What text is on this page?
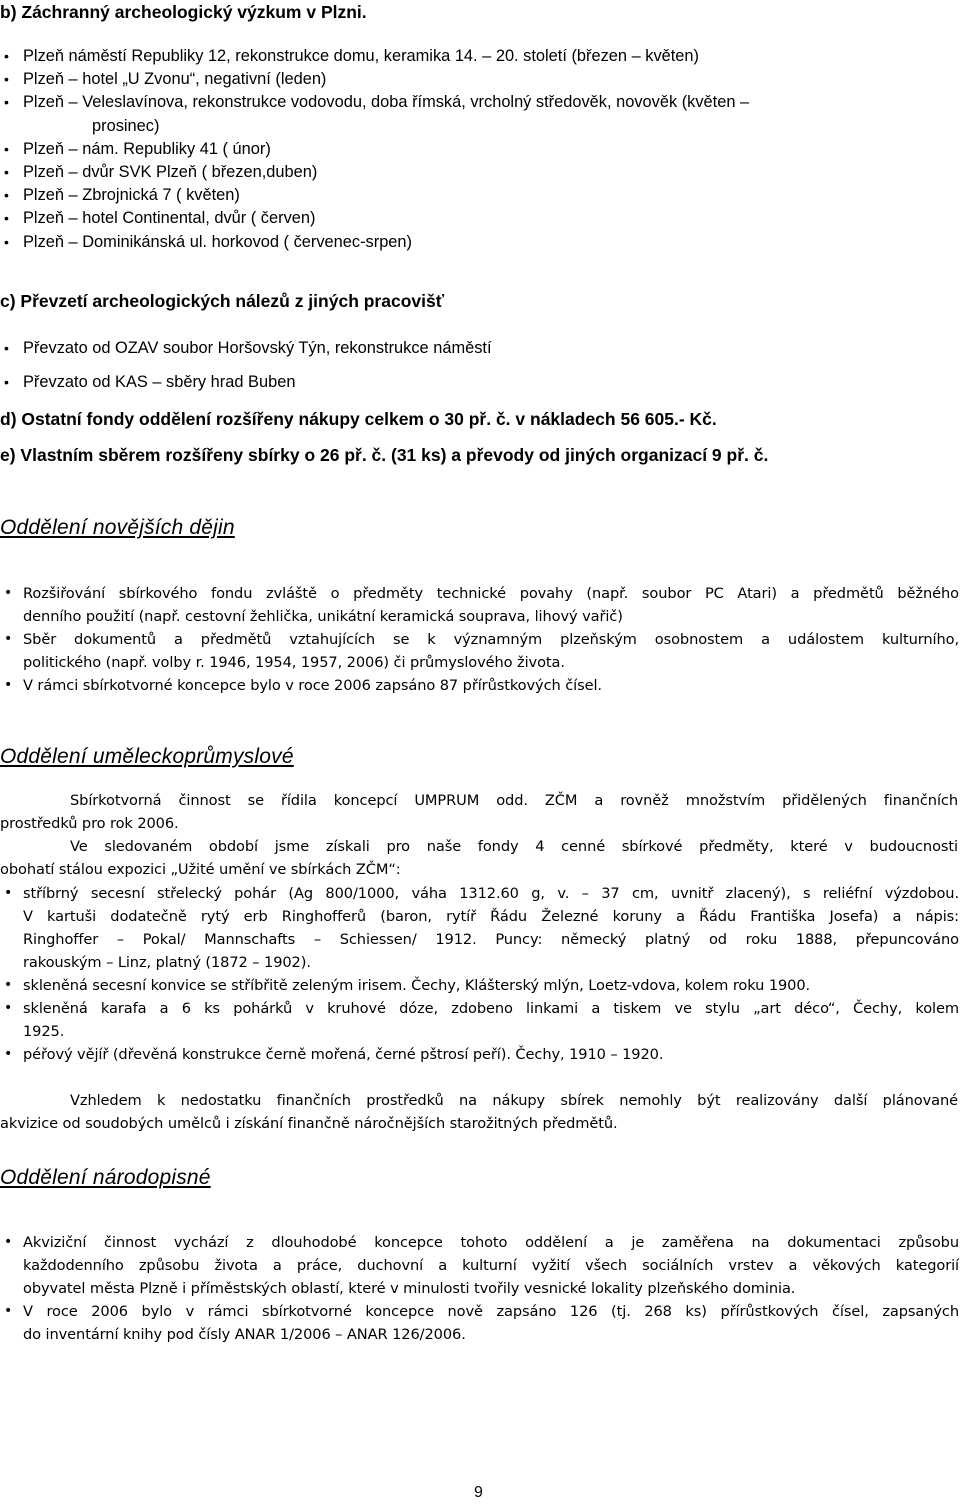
b) Záchranný archeologický výzkum v Plzni.

• Plzeň náměstí Republiky 12, rekonstrukce domu, keramika 14. – 20. století (březen – květen)
• Plzeň – hotel „U Zvonu“, negativní (leden)
• Plzeň – Veleslavínova, rekonstrukce vodovodu, doba římská, vrcholný středověk, novověk (květen –
prosinec)
• Plzeň – nám. Republiky 41 ( únor)
• Plzeň – dvůr SVK Plzeň ( březen,duben)
• Plzeň – Zbrojnická 7 ( květen)
• Plzeň – hotel Continental, dvůr ( červen)
• Plzeň – Dominikánská ul. horkovod ( červenec-srpen)

c) Převzetí archeologických nálezů z jiných pracovišť

• Převzato od OZAV soubor Horšovský Týn, rekonstrukce náměstí
• Převzato od KAS – sběry hrad Buben

d) Ostatní fondy oddělení rozšířeny nákupy celkem o 30 př. č. v nákladech 56 605.- Kč.

e) Vlastním sběrem rozšířeny sbírky o 26 př. č. (31 ks) a převody od jiných organizací 9 př. č.

Oddělení novějších dějin

• Rozšiřování sbírkového fondu zvláště o předměty technické povahy (např. soubor PC Atari) a předmětů běžného
denního použití (např. cestovní žehlička, unikátní keramická souprava, lihový vařič)
• Sběr dokumentů a předmětů vztahujících se k významným plzeňským osobnostem a událostem kulturního,
politického (např. volby r. 1946, 1954, 1957, 2006) či průmyslového života.
• V rámci sbírkotvorné koncepce bylo v roce 2006 zapsáno 87 přírůstkových čísel.

Oddělení uměleckoprůmyslové

Sbírkotvorná činnost se řídila koncepcí UMPRUM odd. ZČM a rovněž množstvím přidělených finančních
prostředků pro rok 2006.
Ve sledovaném období jsme získali pro naše fondy 4 cenné sbírkové předměty, které v budoucnosti
obohatí stálou expozici „Užité umění ve sbírkách ZČM“:
• stříbrný secesní střelecký pohár (Ag 800/1000, váha 1312.60 g, v. – 37 cm, uvnitř zlacený), s reliéfní výzdobou.
V kartuši dodatečně rytý erb Ringhofferů (baron, rytíř Řádu Železné koruny a Řádu Františka Josefa) a nápis:
Ringhoffer – Pokal/ Mannschafts – Schiessen/ 1912. Puncy: německý platný od roku 1888, přepuncováno
rakouským – Linz, platný (1872 – 1902).
• skleněná secesní konvice se stříbřitě zeleným irisem. Čechy, Klášterský mlýn, Loetz-vdova, kolem roku 1900.
• skleněná karafa a 6 ks pohárků v kruhové dóze, zdobeno linkami a tiskem ve stylu „art déco“, Čechy, kolem
1925.
• péřový vějíř (dřevěná konstrukce černě mořená, černé pštrosí peří). Čechy, 1910 – 1920.
Vzhledem k nedostatku finančních prostředků na nákupy sbírek nemohly být realizovány další plánované
akvizice od soudobých umělců i získání finančně náročnějších starožitných předmětů.

Oddělení národopisné

• Akviziční činnost vychází z dlouhodobé koncepce tohoto oddělení a je zaměřena na dokumentaci způsobu
každodenního způsobu života a práce, duchovní a kulturní vyžití všech sociálních vrstev a věkových kategorií
obyvatel města Plzně i příměstských oblastí, které v minulosti tvořily vesnické lokality plzeňského dominia.
• V roce 2006 bylo v rámci sbírkotvorné koncepce nově zapsáno 126 (tj. 268 ks) přírůstkových čísel, zapsaných
do inventární knihy pod čísly ANAR 1/2006 – ANAR 126/2006.
9
